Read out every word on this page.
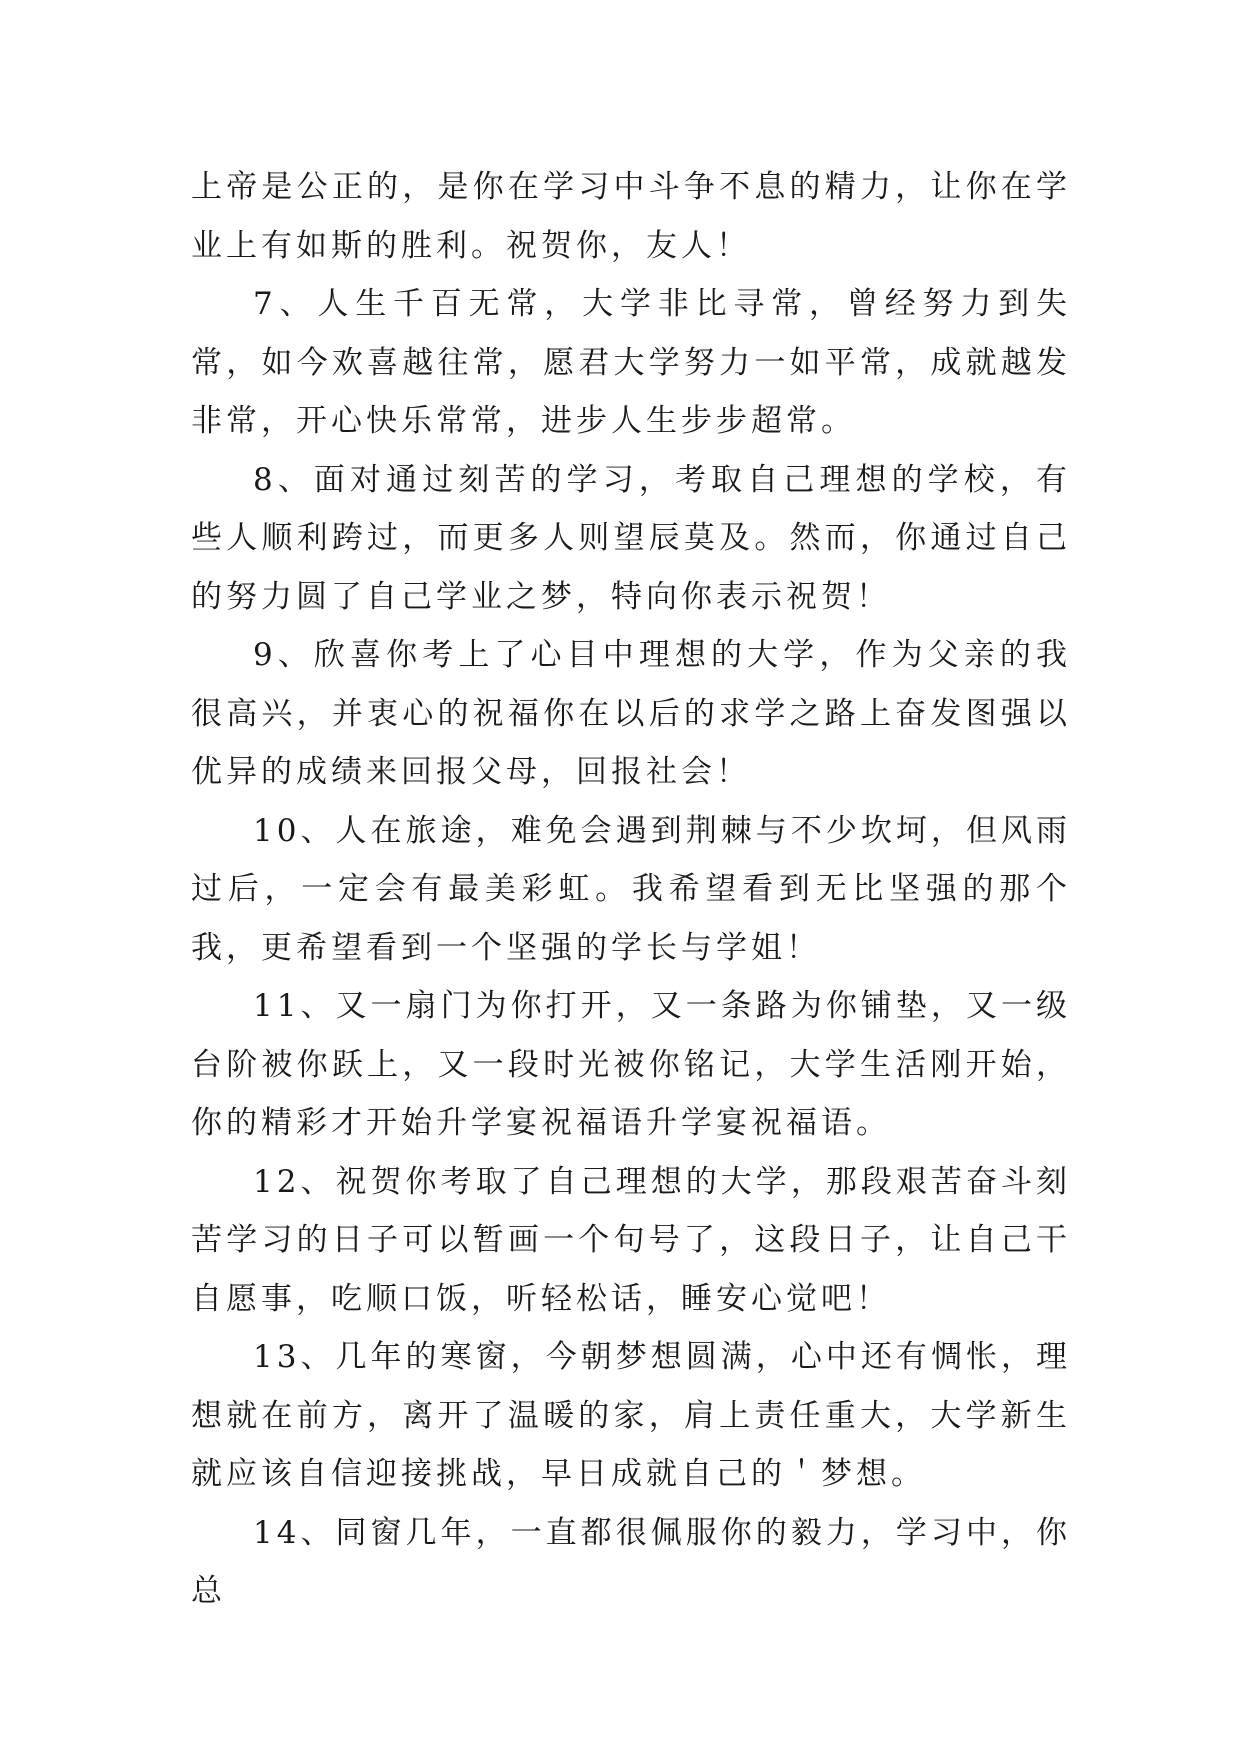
上帝是公正的，是你在学习中斗争不息的精力，让你在学业上有如斯的胜利。祝贺你，友人！

7、人生千百无常，大学非比寻常，曾经努力到失常，如今欢喜越往常，愿君大学努力一如平常，成就越发非常，开心快乐常常，进步人生步步超常。

8、面对通过刻苦的学习，考取自己理想的学校，有些人顺利跨过，而更多人则望辰莫及。然而，你通过自己的努力圆了自己学业之梦，特向你表示祝贺！

9、欣喜你考上了心目中理想的大学，作为父亲的我很高兴，并衷心的祝福你在以后的求学之路上奋发图强以优异的成绩来回报父母，回报社会！

10、人在旅途，难免会遇到荆棘与不少坎坷，但风雨过后，一定会有最美彩虹。我希望看到无比坚强的那个我，更希望看到一个坚强的学长与学姐！

11、又一扇门为你打开，又一条路为你铺垫，又一级台阶被你跃上，又一段时光被你铭记，大学生活刚开始，你的精彩才开始升学宴祝福语升学宴祝福语。

12、祝贺你考取了自己理想的大学，那段艰苦奋斗刻苦学习的日子可以暂画一个句号了，这段日子，让自己干自愿事，吃顺口饭，听轻松话，睡安心觉吧！

13、几年的寒窗，今朝梦想圆满，心中还有惆怅，理想就在前方，离开了温暖的家，肩上责任重大，大学新生就应该自信迎接挑战，早日成就自己的＇梦想。

14、同窗几年，一直都很佩服你的毅力，学习中，你总
